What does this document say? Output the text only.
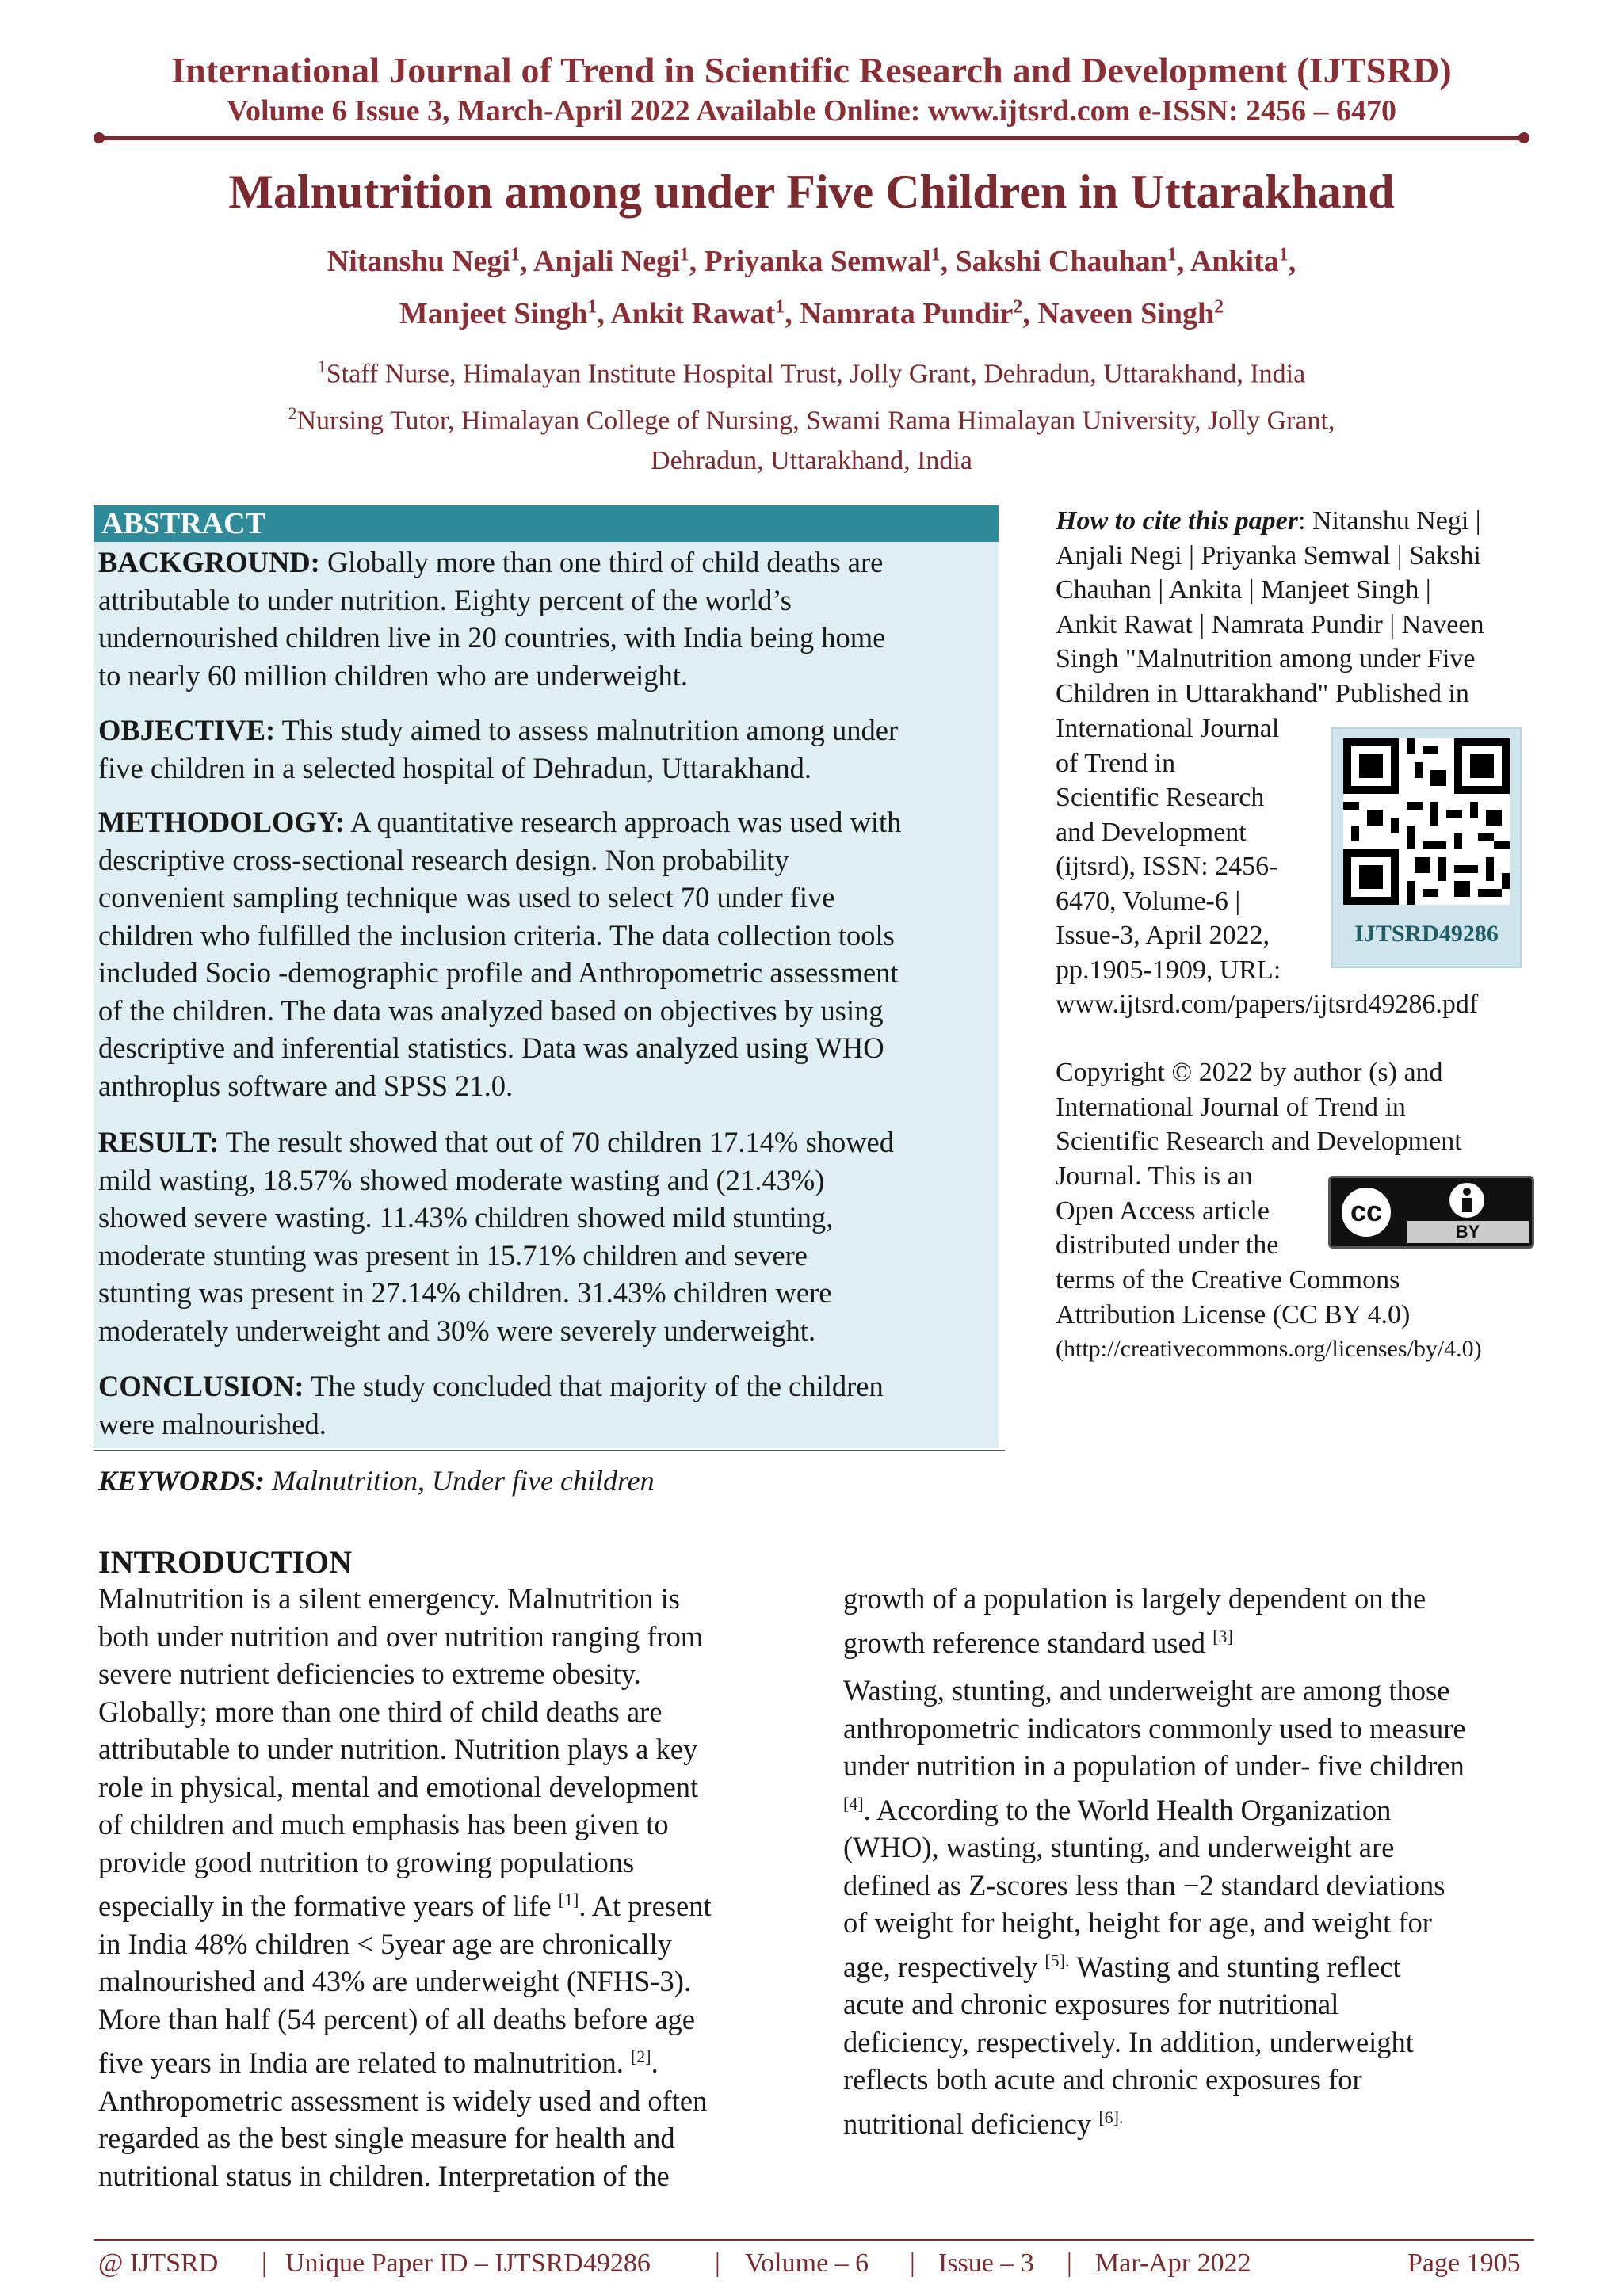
International Journal of Trend in Scientific Research and Development (IJTSRD)
Volume 6 Issue 3, March-April 2022 Available Online: www.ijtsrd.com e-ISSN: 2456 – 6470
Malnutrition among under Five Children in Uttarakhand
Nitanshu Negi$^1$, Anjali Negi$^1$, Priyanka Semwal$^1$, Sakshi Chauhan$^1$, Ankita$^1$,
Manjeet Singh$^1$, Ankit Rawat$^1$, Namrata Pundir$^2$, Naveen Singh$^2$
$^1$Staff Nurse, Himalayan Institute Hospital Trust, Jolly Grant, Dehradun, Uttarakhand, India
$^2$Nursing Tutor, Himalayan College of Nursing, Swami Rama Himalayan University, Jolly Grant,
Dehradun, Uttarakhand, India
ABSTRACT
BACKGROUND: Globally more than one third of child deaths are
attributable to under nutrition. Eighty percent of the world’s
undernourished children live in 20 countries, with India being home
to nearly 60 million children who are underweight.
OBJECTIVE: This study aimed to assess malnutrition among under
five children in a selected hospital of Dehradun, Uttarakhand.
METHODOLOGY: A quantitative research approach was used with
descriptive cross-sectional research design. Non probability
convenient sampling technique was used to select 70 under five
children who fulfilled the inclusion criteria. The data collection tools
included Socio -demographic profile and Anthropometric assessment
of the children. The data was analyzed based on objectives by using
descriptive and inferential statistics. Data was analyzed using WHO
anthroplus software and SPSS 21.0.
RESULT: The result showed that out of 70 children 17.14% showed
mild wasting, 18.57% showed moderate wasting and (21.43%)
showed severe wasting. 11.43% children showed mild stunting,
moderate stunting was present in 15.71% children and severe
stunting was present in 27.14% children. 31.43% children were
moderately underweight and 30% were severely underweight.
CONCLUSION: The study concluded that majority of the children
were malnourished.
KEYWORDS: Malnutrition, Under five children
How to cite this paper: Nitanshu Negi |
Anjali Negi | Priyanka Semwal | Sakshi
Chauhan | Ankita | Manjeet Singh |
Ankit Rawat | Namrata Pundir | Naveen
Singh "Malnutrition among under Five
Children in Uttarakhand" Published in
International Journal
of Trend in
Scientific Research
and Development
(ijtsrd), ISSN: 2456-
6470, Volume-6 |
Issue-3, April 2022,
pp.1905-1909, URL:
www.ijtsrd.com/papers/ijtsrd49286.pdf
IJTSRD49286
Copyright © 2022 by author (s) and
International Journal of Trend in
Scientific Research and Development
Journal. This is an
Open Access article
distributed under the
terms of the Creative Commons
Attribution License (CC BY 4.0)
(http://creativecommons.org/licenses/by/4.0)
cc
BY
INTRODUCTION
Malnutrition is a silent emergency. Malnutrition is
both under nutrition and over nutrition ranging from
severe nutrient deficiencies to extreme obesity.
Globally; more than one third of child deaths are
attributable to under nutrition. Nutrition plays a key
role in physical, mental and emotional development
of children and much emphasis has been given to
provide good nutrition to growing populations
especially in the formative years of life [1]. At present
in India 48% children < 5year age are chronically
malnourished and 43% are underweight (NFHS-3).
More than half (54 percent) of all deaths before age
five years in India are related to malnutrition. [2].
Anthropometric assessment is widely used and often
regarded as the best single measure for health and
nutritional status in children. Interpretation of the
growth of a population is largely dependent on the
growth reference standard used [3]
Wasting, stunting, and underweight are among those
anthropometric indicators commonly used to measure
under nutrition in a population of under- five children
[4]. According to the World Health Organization
(WHO), wasting, stunting, and underweight are
defined as Z-scores less than −2 standard deviations
of weight for height, height for age, and weight for
age, respectively $^{[5].}$ Wasting and stunting reflect
acute and chronic exposures for nutritional
deficiency, respectively. In addition, underweight
reflects both acute and chronic exposures for
nutritional deficiency $^{[6].}$
@ IJTSRD | Unique Paper ID – IJTSRD49286 | Volume – 6 | Issue – 3 | Mar-Apr 2022	Page 1905
